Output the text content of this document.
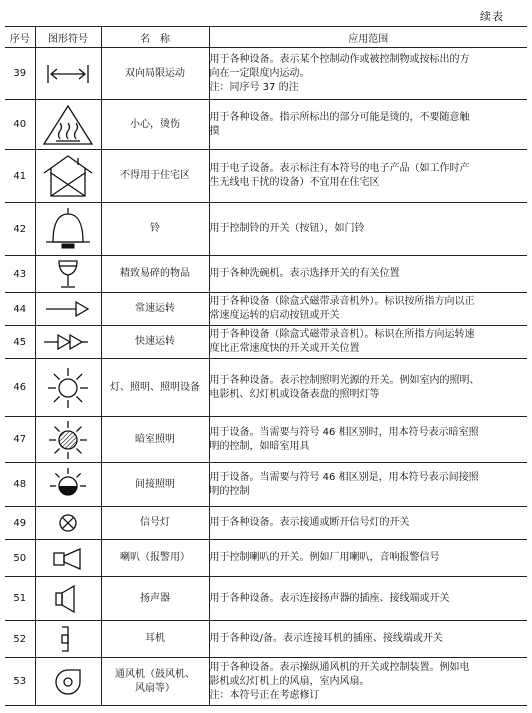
续表
序号	图形符号	名　称	应用范围
39		双向局限运动	用于各种设备。表示某个控制动作或被控制物或按标出的方
向在一定限度内运动。
注：同序号 37 的注

40		小心，烫伤	用于各种设备。指示所标出的部分可能是烫的，不要随意触
摸

41		不得用于住宅区	用于电子设备。表示标注有本符号的电子产品（如工作时产
生无线电干扰的设备）不宜用在住宅区

42		铃	用于控制铃的开关（按钮），如门铃

43		精致易碎的物品	用于各种洗碗机。表示选择开关的有关位置

44		常速运转	用于各种设备（除盒式磁带录音机外）。标识按所指方向以正
常速度运转的启动按钮或开关

45		快速运转	用于各种设备（除盒式磁带录音机）。标识在所指方向运转速
度比正常速度快的开关或开关位置

46		灯、照明、照明设备	用于各种设备。表示控制照明光源的开关。例如室内的照明、
电影机、幻灯机或设备表盘的照明灯等

47		暗室照明	用于设备。当需要与符号 46 相区别时，用本符号表示暗室照
明的控制，如暗室用具

48		间接照明	用于设备。当需要与符号 46 相区别是，用本符号表示间接照
明的控制

49		信号灯	用于各种设备。表示接通或断开信号灯的开关

50		喇叭（报警用）	用于控制喇叭的开关。例如厂用喇叭，音响报警信号

51		扬声器	用于各种设备。表示连接扬声器的插座、接线端或开关

52		耳机	用于各种设/备。表示连接耳机的插座、接线端或开关

53		通风机（鼓风机、
风扇等）	用于各种设备。表示操纵通风机的开关或控制装置。例如电
影机或幻灯机上的风扇，室内风扇。
注：本符号正在考虑修订
